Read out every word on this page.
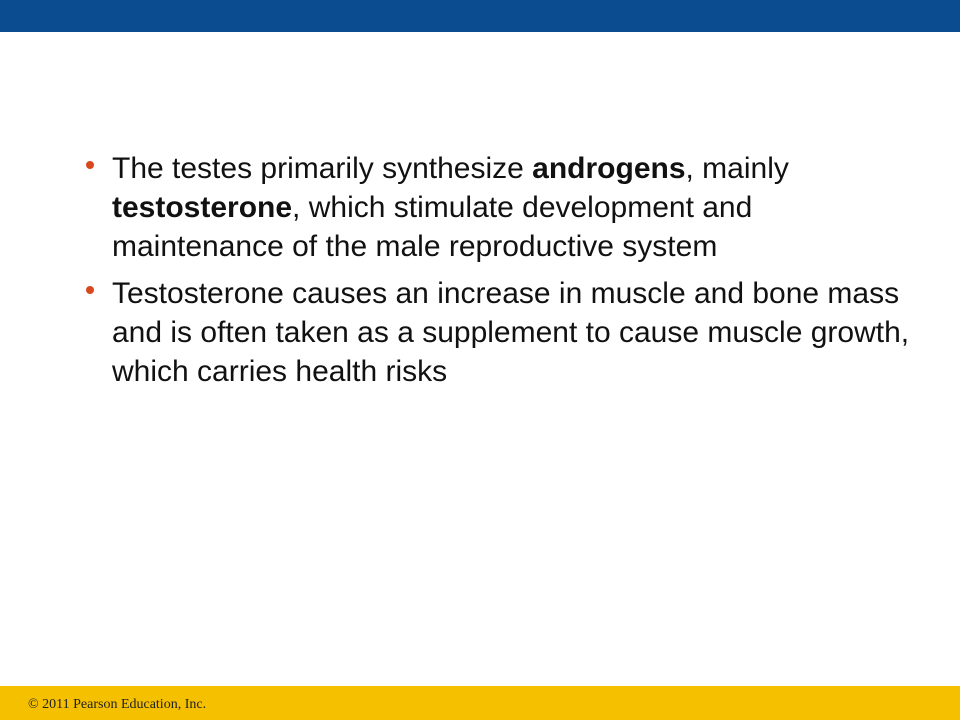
The testes primarily synthesize androgens, mainly testosterone, which stimulate development and maintenance of the male reproductive system
Testosterone causes an increase in muscle and bone mass and is often taken as a supplement to cause muscle growth, which carries health risks
© 2011 Pearson Education, Inc.
